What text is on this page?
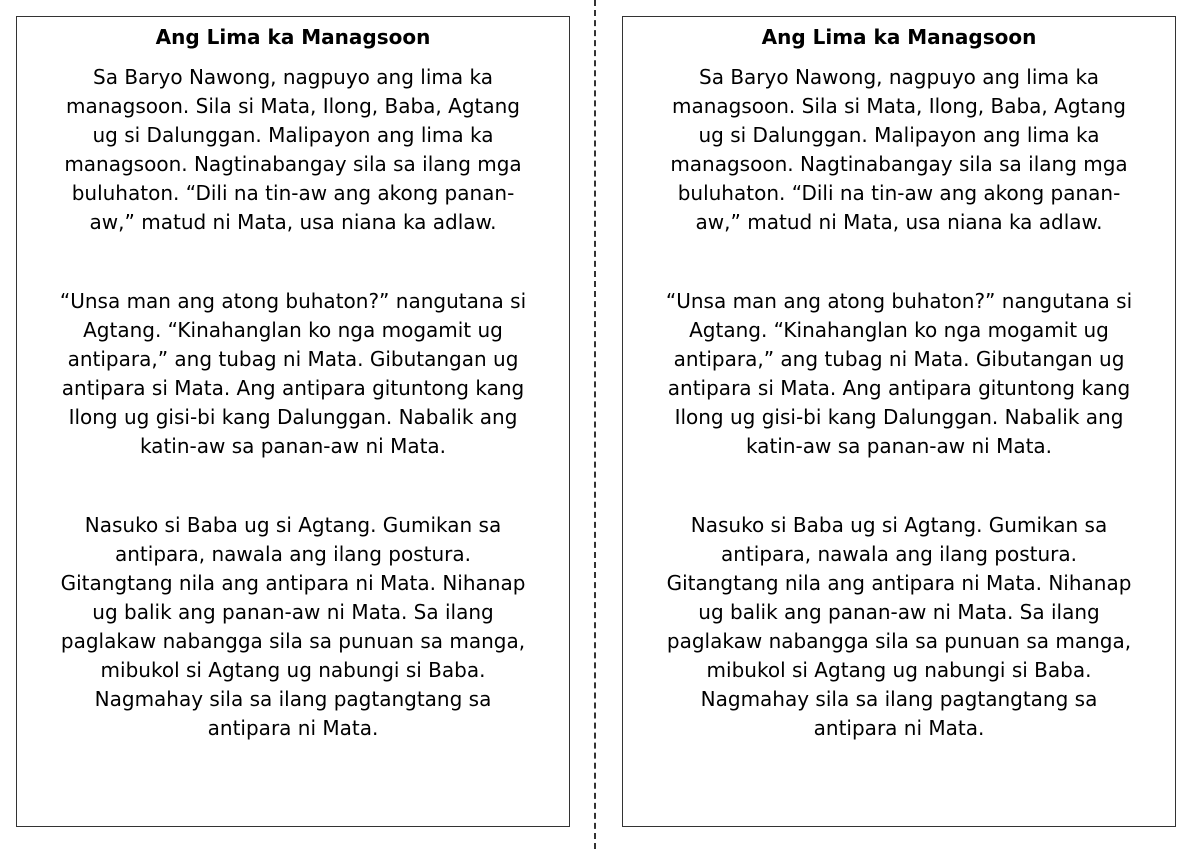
Ang Lima ka Managsoon

Sa Baryo Nawong, nagpuyo ang lima ka
managsoon. Sila si Mata, Ilong, Baba, Agtang
ug si Dalunggan. Malipayon ang lima ka
managsoon. Nagtinabangay sila sa ilang mga
buluhaton. “Dili na tin-aw ang akong panan-
aw,” matud ni Mata, usa niana ka adlaw.

“Unsa man ang atong buhaton?” nangutana si
Agtang. “Kinahanglan ko nga mogamit ug
antipara,” ang tubag ni Mata. Gibutangan ug
antipara si Mata. Ang antipara gituntong kang
Ilong ug gisi-bi kang Dalunggan. Nabalik ang
katin-aw sa panan-aw ni Mata.

Nasuko si Baba ug si Agtang. Gumikan sa
antipara, nawala ang ilang postura.
Gitangtang nila ang antipara ni Mata. Nihanap
ug balik ang panan-aw ni Mata. Sa ilang
paglakaw nabangga sila sa punuan sa manga,
mibukol si Agtang ug nabungi si Baba.
Nagmahay sila sa ilang pagtangtang sa
antipara ni Mata.

Ang Lima ka Managsoon

Sa Baryo Nawong, nagpuyo ang lima ka
managsoon. Sila si Mata, Ilong, Baba, Agtang
ug si Dalunggan. Malipayon ang lima ka
managsoon. Nagtinabangay sila sa ilang mga
buluhaton. “Dili na tin-aw ang akong panan-
aw,” matud ni Mata, usa niana ka adlaw.

“Unsa man ang atong buhaton?” nangutana si
Agtang. “Kinahanglan ko nga mogamit ug
antipara,” ang tubag ni Mata. Gibutangan ug
antipara si Mata. Ang antipara gituntong kang
Ilong ug gisi-bi kang Dalunggan. Nabalik ang
katin-aw sa panan-aw ni Mata.

Nasuko si Baba ug si Agtang. Gumikan sa
antipara, nawala ang ilang postura.
Gitangtang nila ang antipara ni Mata. Nihanap
ug balik ang panan-aw ni Mata. Sa ilang
paglakaw nabangga sila sa punuan sa manga,
mibukol si Agtang ug nabungi si Baba.
Nagmahay sila sa ilang pagtangtang sa
antipara ni Mata.
